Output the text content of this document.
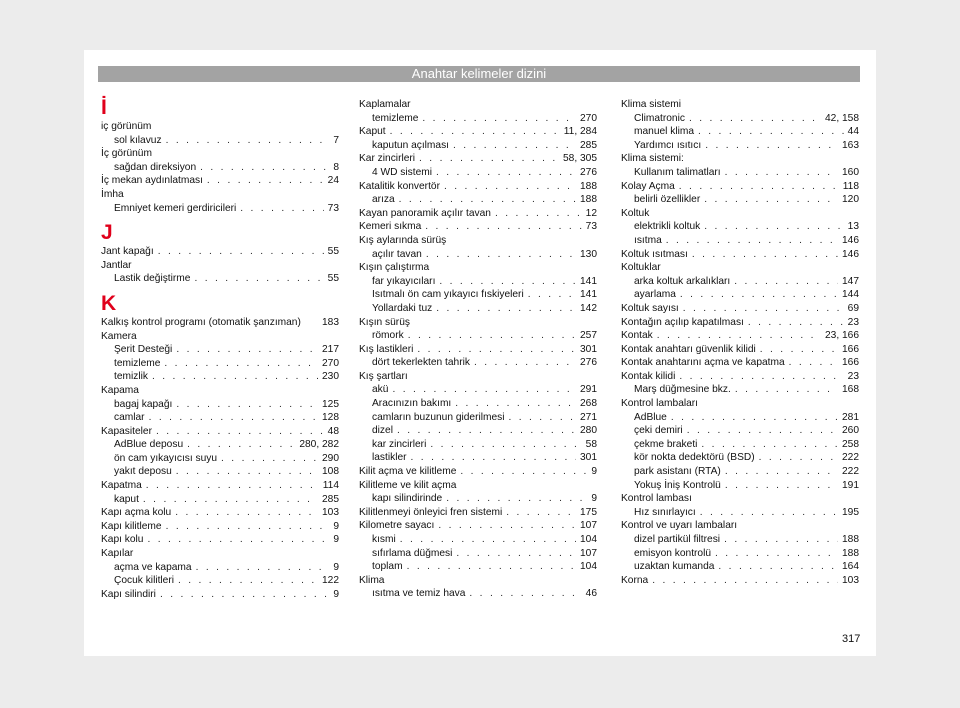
Anahtar kelimeler dizini
İ
iç görünüm
sol kılavuz . . .	7
İç görünüm
sağdan direksiyon . . .	8
İç mekan aydınlatması . . .	24
İmha
Emniyet kemeri gerdiricileri . . .	73
J
Jant kapağı . . .	55
Jantlar
Lastik değiştirme . . .	55
K
Kalkış kontrol programı (otomatik şanzıman) 183
Kamera
Şerit Desteği . . .	217
temizleme . . .	270
temizlik . . .	230
Kapama
bagaj kapağı . . .	125
camlar . . .	128
Kapasiteler . . .	48
AdBlue deposu . . .	280, 282
ön cam yıkayıcısı suyu . . .	290
yakıt deposu . . .	108
Kapatma . . .	114
kaput . . .	285
Kapı açma kolu . . .	103
Kapı kilitleme . . .	9
Kapı kolu . . .	9
Kapılar
açma ve kapama . . .	9
Çocuk kilitleri . . .	122
Kapı silindiri . . .	9
Kaplamalar
temizleme . . .	270
Kaput . . .	11, 284
kaputun açılması . . .	285
Kar zincirleri . . .	58, 305
4 WD sistemi . . .	276
Katalitik konvertör . . .	188
arıza . . .	188
Kayan panoramik açılır tavan . . .	12
Kemeri sıkma . . .	73
Kış aylarında sürüş
açılır tavan . . .	130
Kışın çalıştırma
far yıkayıcıları . . .	141
Isıtmalı ön cam yıkayıcı fıskiyeleri . . .	141
Yollardaki tuz . . .	142
Kışın sürüş
römork . . .	257
Kış lastikleri . . .	301
dört tekerlekten tahrik . . .	276
Kış şartları
akü . . .	291
Aracınızın bakımı . . .	268
camların buzunun giderilmesi . . .	271
dizel . . .	280
kar zincirleri . . .	58
lastikler . . .	301
Kilit açma ve kilitleme . . .	9
Kilitleme ve kilit açma
kapı silindirinde . . .	9
Kilitlenmeyi önleyici fren sistemi . . .	175
Kilometre sayacı . . .	107
kısmi . . .	104
sıfırlama düğmesi . . .	107
toplam . . .	104
Klima
ısıtma ve temiz hava . . .	46
Klima sistemi
Climatronic . . .	42, 158
manuel klima . . .	44
Yardımcı ısıtıcı . . .	163
Klima sistemi:
Kullanım talimatları . . .	160
Kolay Açma . . .	118
belirli özellikler . . .	120
Koltuk
elektrikli koltuk . . .	13
ısıtma . . .	146
Koltuk ısıtması . . .	146
Koltuklar
arka koltuk arkalıkları . . .	147
ayarlama . . .	144
Koltuk sayısı . . .	69
Kontağın açılıp kapatılması . . .	23
Kontak . . .	23, 166
Kontak anahtarı güvenlik kilidi . . .	166
Kontak anahtarını açma ve kapatma . . .	166
Kontak kilidi . . .	23
Marş düğmesine bkz. . . .	168
Kontrol lambaları
AdBlue . . .	281
çeki demiri . . .	260
çekme braketi . . .	258
kör nokta dedektörü (BSD) . . .	222
park asistanı (RTA) . . .	222
Yokuş İniş Kontrolü . . .	191
Kontrol lambası
Hız sınırlayıcı . . .	195
Kontrol ve uyarı lambaları
dizel partikül filtresi . . .	188
emisyon kontrolü . . .	188
uzaktan kumanda . . .	164
Korna . . .	103
317
